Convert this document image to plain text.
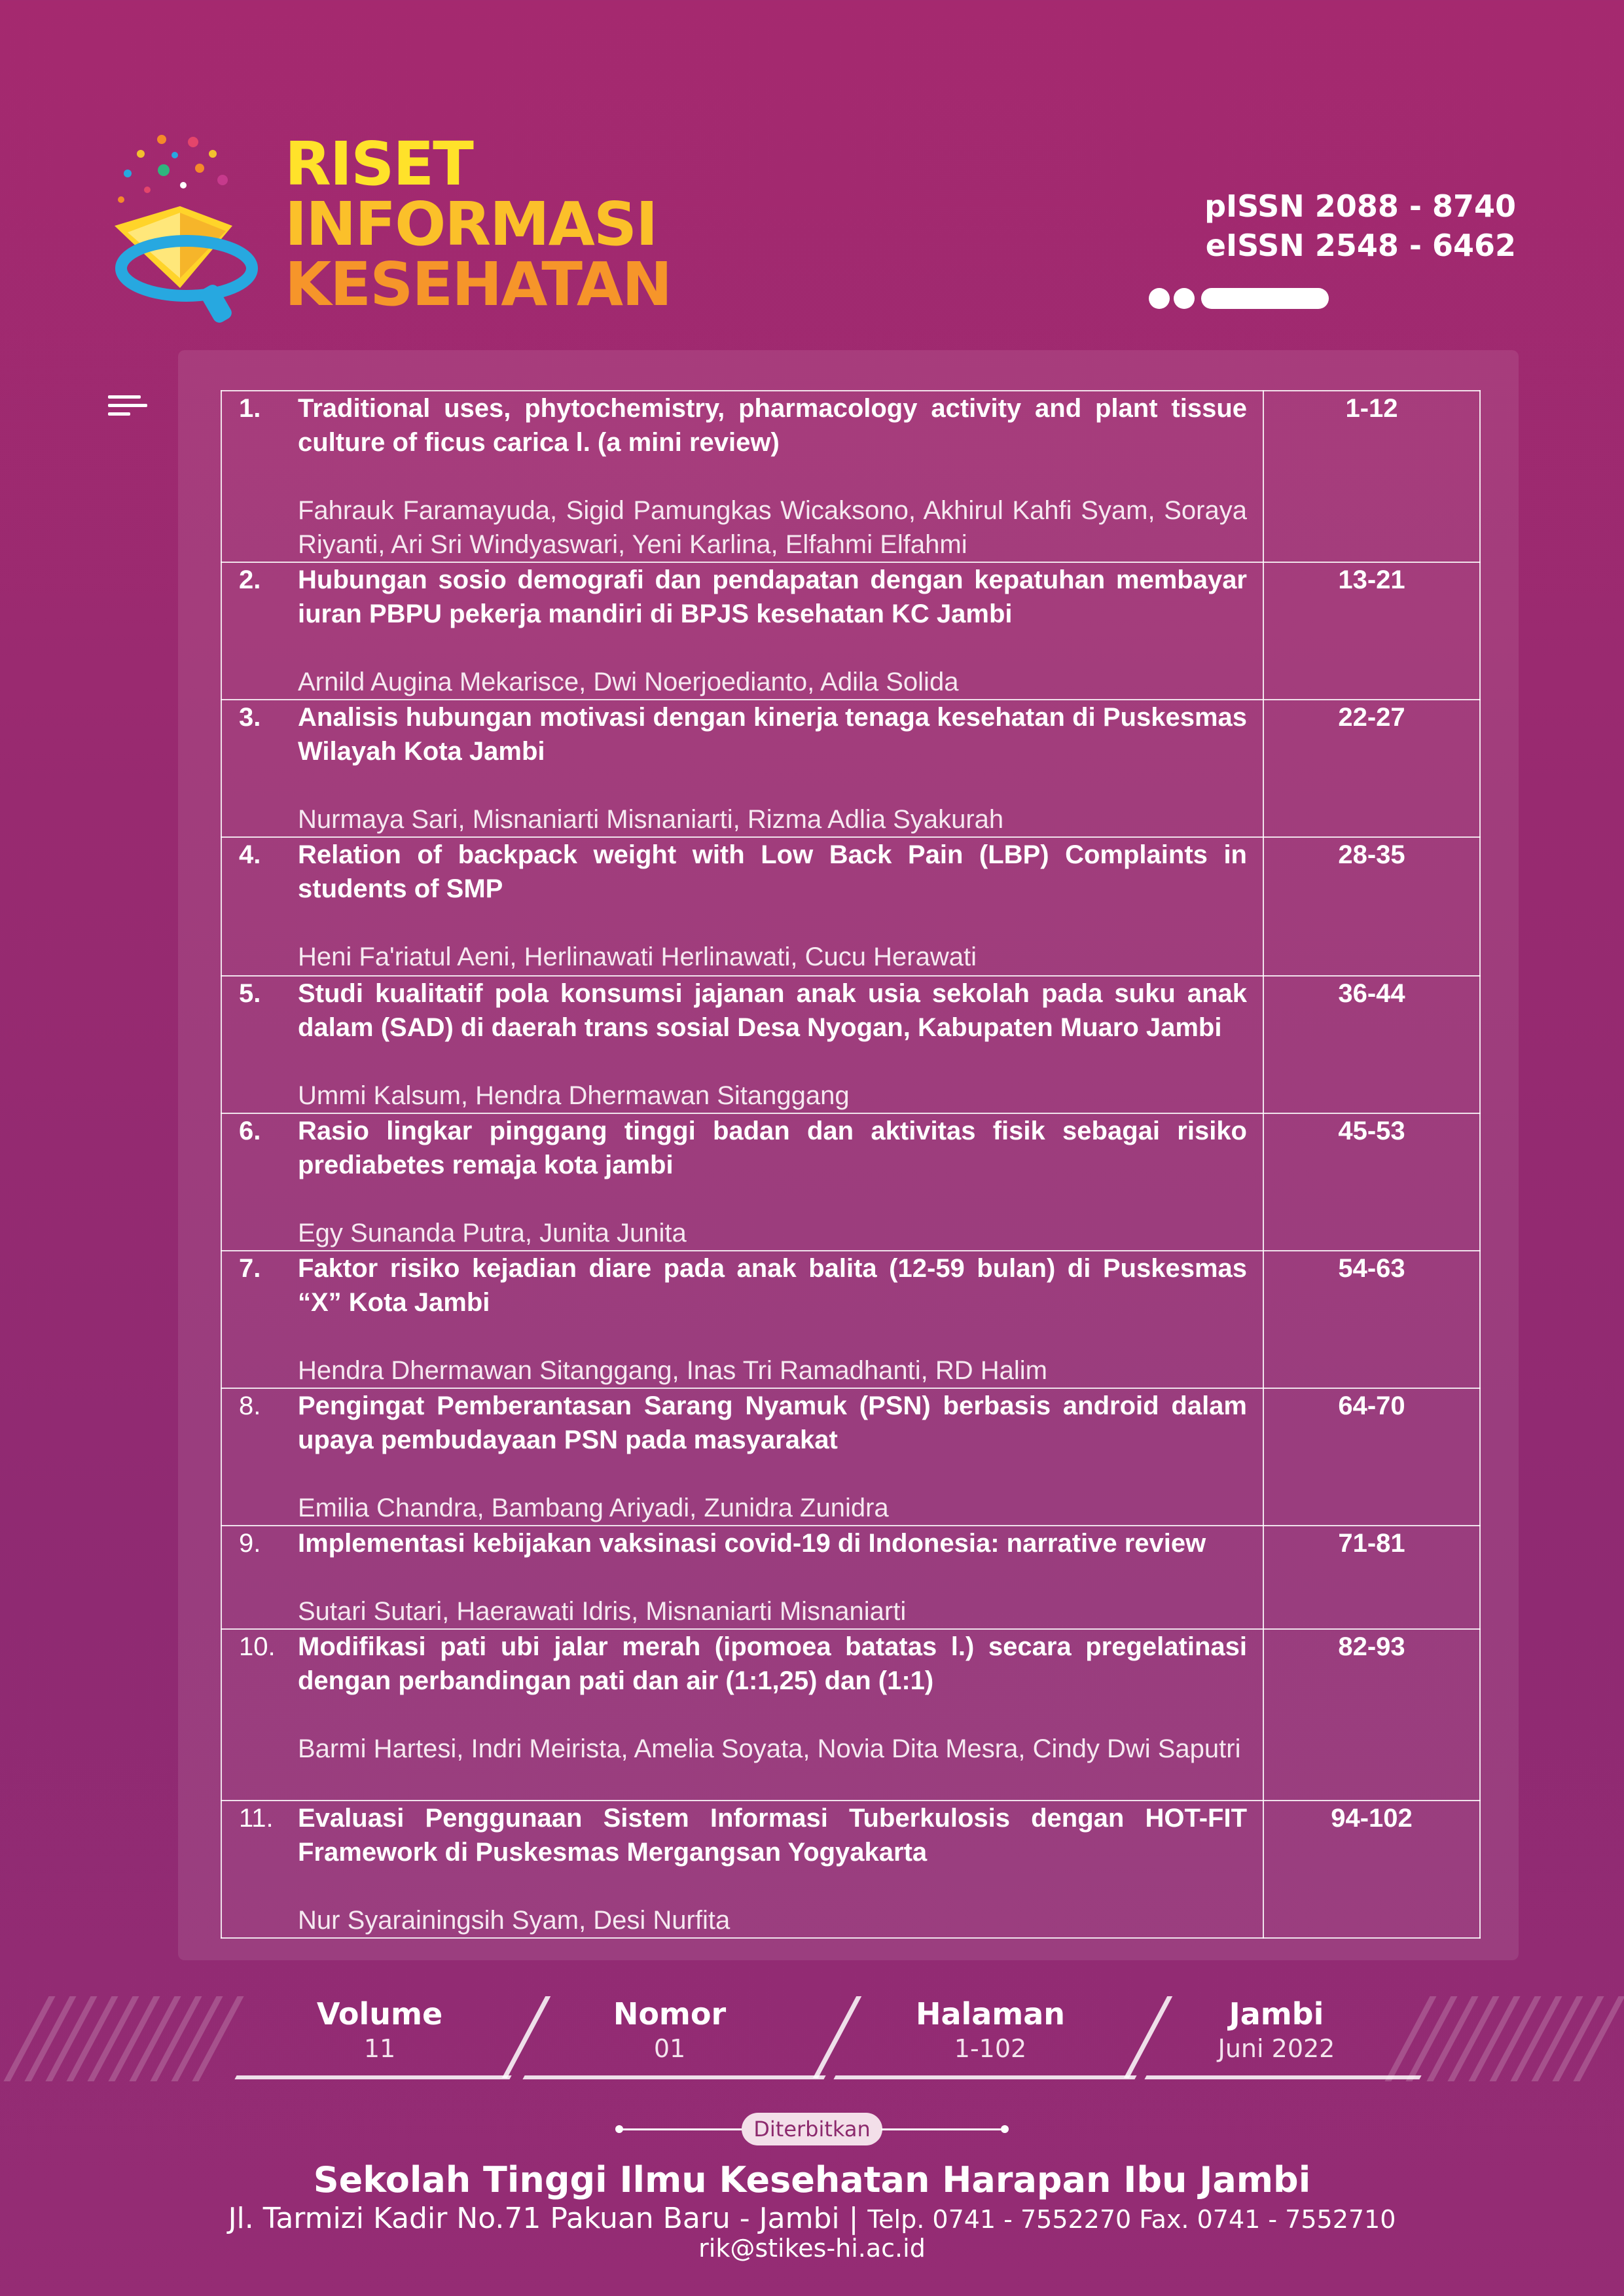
RISET
INFORMASI
KESEHATAN
pISSN 2088 - 8740
eISSN 2548 - 6462
1. Traditional uses, phytochemistry, pharmacology activity and plant tissue culture of ficus carica l. (a mini review)
Fahrauk Faramayuda, Sigid Pamungkas Wicaksono, Akhirul Kahfi Syam, Soraya Riyanti, Ari Sri Windyaswari, Yeni Karlina, Elfahmi Elfahmi	1-12

2. Hubungan sosio demografi dan pendapatan dengan kepatuhan membayar iuran PBPU pekerja mandiri di BPJS kesehatan KC Jambi
Arnild Augina Mekarisce, Dwi Noerjoedianto, Adila Solida	13-21

3. Analisis hubungan motivasi dengan kinerja tenaga kesehatan di Puskesmas Wilayah Kota Jambi
Nurmaya Sari, Misnaniarti Misnaniarti, Rizma Adlia Syakurah	22-27

4. Relation of backpack weight with Low Back Pain (LBP) Complaints in students of SMP
Heni Fa'riatul Aeni, Herlinawati Herlinawati, Cucu Herawati	28-35

5. Studi kualitatif pola konsumsi jajanan anak usia sekolah pada suku anak dalam (SAD) di daerah trans sosial Desa Nyogan, Kabupaten Muaro Jambi
Ummi Kalsum, Hendra Dhermawan Sitanggang	36-44

6. Rasio lingkar pinggang tinggi badan dan aktivitas fisik sebagai risiko prediabetes remaja kota jambi
Egy Sunanda Putra, Junita Junita	45-53

7. Faktor risiko kejadian diare pada anak balita (12-59 bulan) di Puskesmas “X” Kota Jambi
Hendra Dhermawan Sitanggang, Inas Tri Ramadhanti, RD Halim	54-63

8. Pengingat Pemberantasan Sarang Nyamuk (PSN) berbasis android dalam upaya pembudayaan PSN pada masyarakat
Emilia Chandra, Bambang Ariyadi, Zunidra Zunidra	64-70

9. Implementasi kebijakan vaksinasi covid-19 di Indonesia: narrative review
Sutari Sutari, Haerawati Idris, Misnaniarti Misnaniarti	71-81

10. Modifikasi pati ubi jalar merah (ipomoea batatas l.) secara pregelatinasi dengan perbandingan pati dan air (1:1,25) dan (1:1)
Barmi Hartesi, Indri Meirista, Amelia Soyata, Novia Dita Mesra, Cindy Dwi Saputri	82-93

11. Evaluasi Penggunaan Sistem Informasi Tuberkulosis dengan HOT-FIT Framework di Puskesmas Mergangsan Yogyakarta
Nur Syarainingsih Syam, Desi Nurfita	94-102
Volume
11
Nomor
01
Halaman
1-102
Jambi
Juni 2022
Diterbitkan
Sekolah Tinggi Ilmu Kesehatan Harapan Ibu Jambi
Jl. Tarmizi Kadir No.71 Pakuan Baru - Jambi | Telp. 0741 - 7552270 Fax. 0741 - 7552710
rik@stikes-hi.ac.id
